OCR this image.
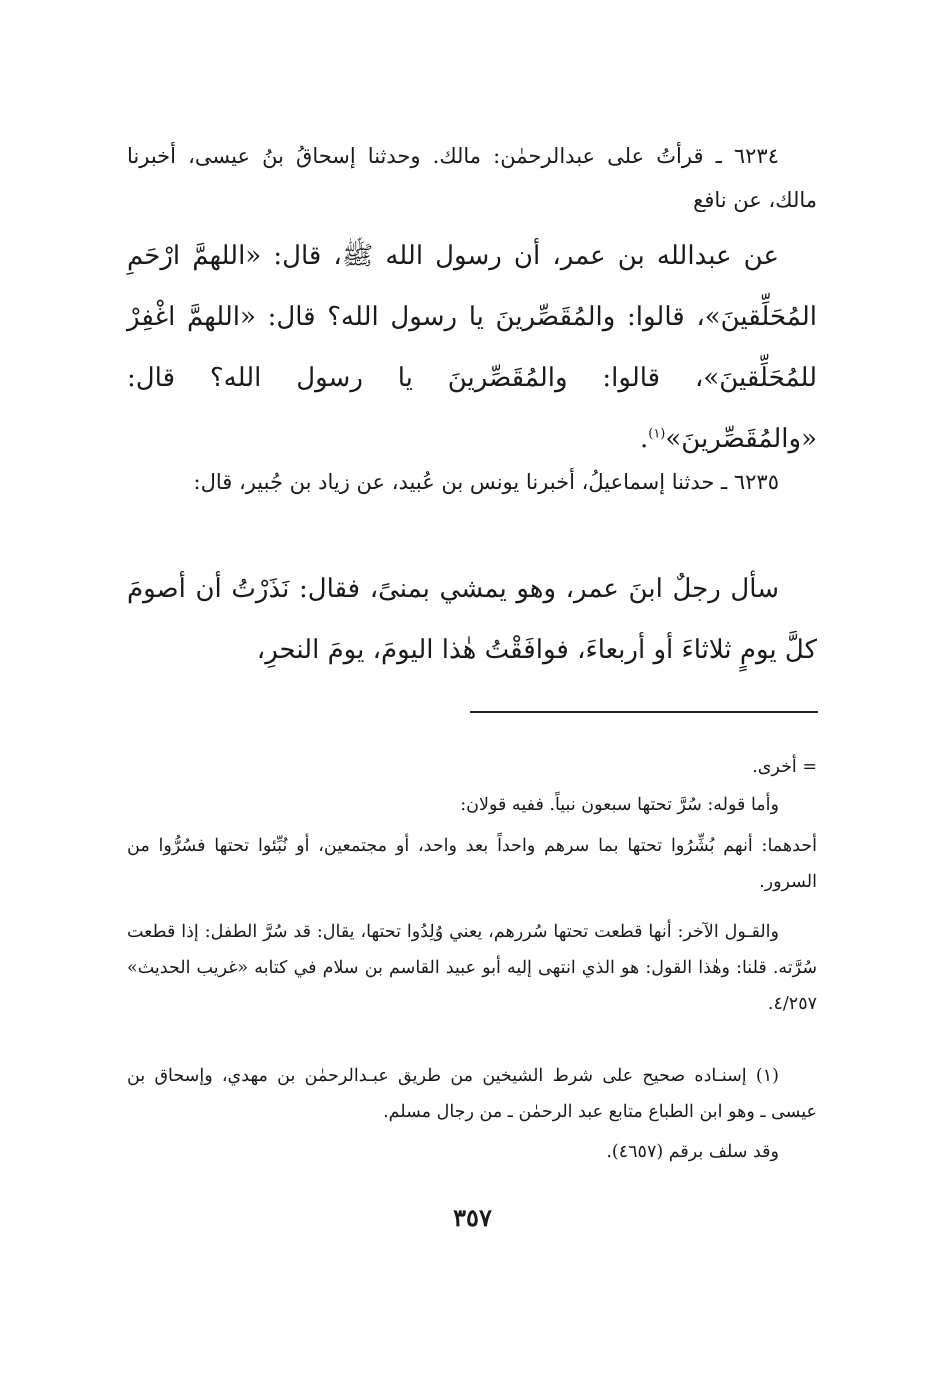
٦٢٣٤ ـ قرأتُ على عبدالرحمٰن: مالك. وحدثنا إسحاقُ بنُ عيسى، أخبرنا مالك، عن نافع

عن عبدالله بن عمر، أن رسول الله ﷺ، قال: «اللهمَّ ارْحَمِ المُحَلِّقينَ»، قالوا: والمُقَصِّرينَ يا رسول الله؟ قال: «اللهمَّ اغْفِرْ للمُحَلِّقينَ»، قالوا: والمُقَصِّرينَ يا رسول الله؟ قال: «والمُقَصِّرينَ»$^{(١)}$.

٦٢٣٥ ـ حدثنا إسماعيلُ، أخبرنا يونس بن عُبيد، عن زياد بن جُبير، قال:

سأل رجلٌ ابنَ عمر، وهو يمشي بمنىً، فقال: نَذَرْتُ أن أصومَ كلَّ يومٍ ثلاثاءَ أو أربعاءَ، فوافَقْتُ هٰذا اليومَ، يومَ النحرِ،

= أخرى.

وأما قوله: سُرَّ تحتها سبعون نبياً. ففيه قولان:

أحدهما: أنهم بُشِّرُوا تحتها بما سرهم واحداً بعد واحد، أو مجتمعين، أو نُبِّئوا تحتها فسُرُّوا من السرور.

والقـول الآخر: أنها قطعت تحتها سُررهم، يعني وُلِدُوا تحتها، يقال: قد سُرَّ الطفل: إذا قطعت سُرَّته. قلنا: وهٰذا القول: هو الذي انتهى إليه أبو عبيد القاسم بن سلام في كتابه «غريب الحديث» ٤/٢٥٧.

(١) إسنـاده صحيح على شرط الشيخين من طريق عبـدالرحمٰن بن مهدي، وإسحاق بن عيسى ـ وهو ابن الطباع متابع عبد الرحمٰن ـ من رجال مسلم.

وقد سلف برقم (٤٦٥٧).

٣٥٧
